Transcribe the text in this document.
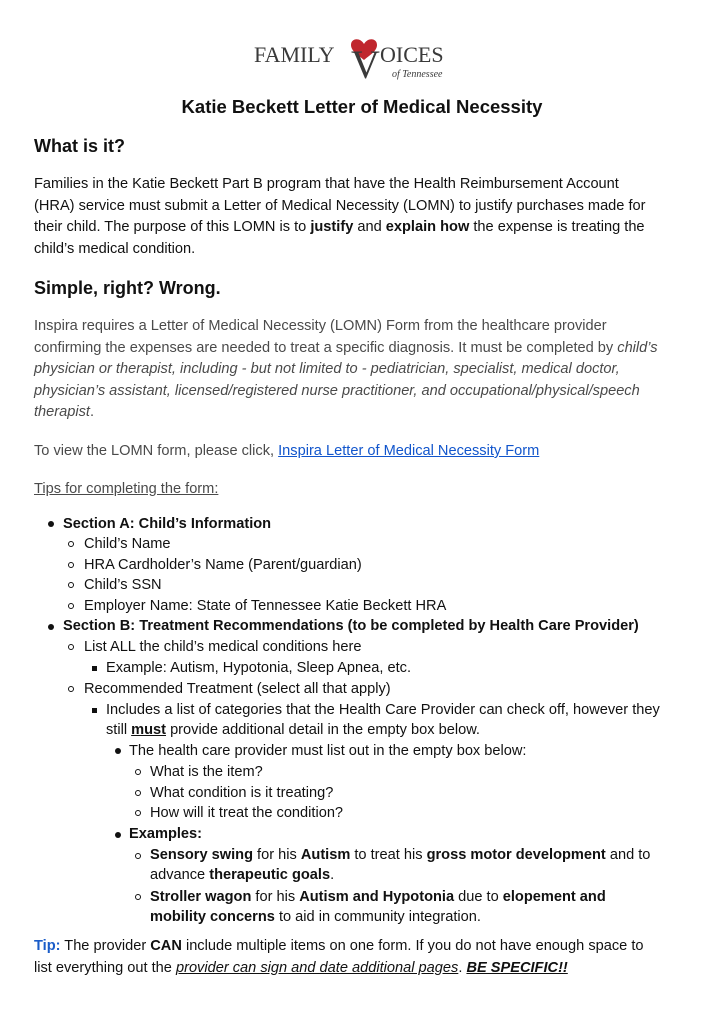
FAMILY V OICES
of Tennessee
Katie Beckett Letter of Medical Necessity
What is it?
Families in the Katie Beckett Part B program that have the Health Reimbursement Account
(HRA) service must submit a Letter of Medical Necessity (LOMN) to justify purchases made for
their child. The purpose of this LOMN is to justify and explain how the expense is treating the
child’s medical condition.
Simple, right? Wrong.
Inspira requires a Letter of Medical Necessity (LOMN) Form from the healthcare provider
confirming the expenses are needed to treat a specific diagnosis. It must be completed by child’s
physician or therapist, including - but not limited to - pediatrician, specialist, medical doctor,
physician’s assistant, licensed/registered nurse practitioner, and occupational/physical/speech
therapist.
To view the LOMN form, please click, Inspira Letter of Medical Necessity Form
Tips for completing the form:
Section A: Child’s Information
Child’s Name
HRA Cardholder’s Name (Parent/guardian)
Child’s SSN
Employer Name: State of Tennessee Katie Beckett HRA
Section B: Treatment Recommendations (to be completed by Health Care Provider)
List ALL the child’s medical conditions here
Example: Autism, Hypotonia, Sleep Apnea, etc.
Recommended Treatment (select all that apply)
Includes a list of categories that the Health Care Provider can check off, however they
still must provide additional detail in the empty box below.
The health care provider must list out in the empty box below:
What is the item?
What condition is it treating?
How will it treat the condition?
Examples:
Sensory swing for his Autism to treat his gross motor development and to
advance therapeutic goals.
Stroller wagon for his Autism and Hypotonia due to elopement and
mobility concerns to aid in community integration.
Tip: The provider CAN include multiple items on one form. If you do not have enough space to
list everything out the provider can sign and date additional pages. BE SPECIFIC!!
